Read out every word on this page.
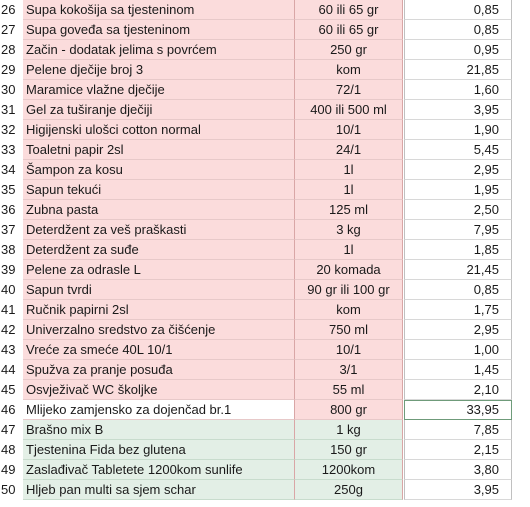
26 Supa kokošija sa tjesteninom	60 ili 65 gr	0,85
27 Supa goveđa sa tjesteninom	60 ili 65 gr	0,85
28 Začin - dodatak jelima s povrćem	250 gr	0,95
29 Pelene dječije broj 3	kom	21,85
30 Maramice vlažne dječije	72/1	1,60
31 Gel za tuširanje dječiji	400 ili 500 ml	3,95
32 Higijenski ulošci cotton normal	10/1	1,90
33 Toaletni papir 2sl	24/1	5,45
34 Šampon za kosu	1l	2,95
35 Sapun tekući	1l	1,95
36 Zubna pasta	125 ml	2,50
37 Deterdžent za veš praškasti	3 kg	7,95
38 Deterdžent za suđe	1l	1,85
39 Pelene za odrasle L	20 komada	21,45
40 Sapun tvrdi	90 gr ili 100 gr	0,85
41 Ručnik papirni 2sl	kom	1,75
42 Univerzalno sredstvo za čišćenje	750 ml	2,95
43 Vreće za smeće 40L 10/1	10/1	1,00
44 Spužva za pranje posuđa	3/1	1,45
45 Osvježivač WC školjke	55 ml	2,10
46 Mlijeko zamjensko za dojenčad br.1	800 gr	33,95
47 Brašno mix B	1 kg	7,85
48 Tjestenina Fida bez glutena	150 gr	2,15
49 Zaslađivač Tabletete 1200kom sunlife	1200kom	3,80
50 Hljeb pan multi sa sjem schar	250g	3,95
